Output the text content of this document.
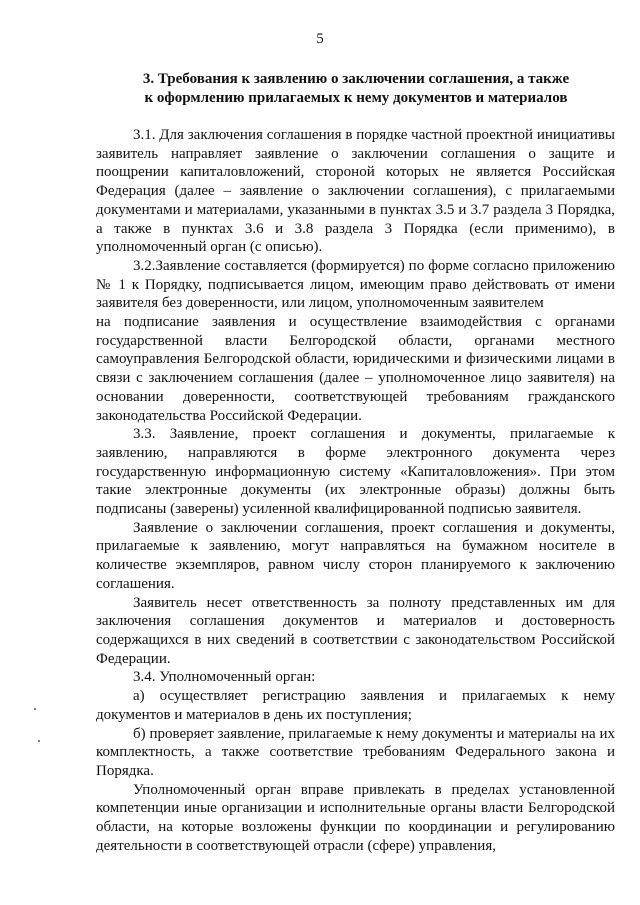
5
3. Требования к заявлению о заключении соглашения, а также
к оформлению прилагаемых к нему документов и материалов

3.1. Для заключения соглашения в порядке частной проектной инициативы заявитель направляет заявление о заключении соглашения о защите и поощрении капиталовложений, стороной которых не является Российская Федерация (далее – заявление о заключении соглашения), с прилагаемыми документами и материалами, указанными в пунктах 3.5 и 3.7 раздела 3 Порядка, а также в пунктах 3.6 и 3.8 раздела 3 Порядка (если применимо), в уполномоченный орган (с описью).

3.2.Заявление составляется (формируется) по форме согласно приложению № 1 к Порядку, подписывается лицом, имеющим право действовать от имени заявителя без доверенности, или лицом, уполномоченным заявителем

на подписание заявления и осуществление взаимодействия с органами государственной власти Белгородской области, органами местного самоуправления Белгородской области, юридическими и физическими лицами в связи с заключением соглашения (далее – уполномоченное лицо заявителя) на основании доверенности, соответствующей требованиям гражданского законодательства Российской Федерации.

3.3. Заявление, проект соглашения и документы, прилагаемые к заявлению, направляются в форме электронного документа через государственную информационную систему «Капиталовложения». При этом такие электронные документы (их электронные образы) должны быть подписаны (заверены) усиленной квалифицированной подписью заявителя.

Заявление о заключении соглашения, проект соглашения и документы, прилагаемые к заявлению, могут направляться на бумажном носителе в количестве экземпляров, равном числу сторон планируемого к заключению соглашения.

Заявитель несет ответственность за полноту представленных им для заключения соглашения документов и материалов и достоверность содержащихся в них сведений в соответствии с законодательством Российской Федерации.

3.4. Уполномоченный орган:

а) осуществляет регистрацию заявления и прилагаемых к нему документов и материалов в день их поступления;

б) проверяет заявление, прилагаемые к нему документы и материалы на их комплектность, а также соответствие требованиям Федерального закона и Порядка.

Уполномоченный орган вправе привлекать в пределах установленной компетенции иные организации и исполнительные органы власти Белгородской области, на которые возложены функции по координации и регулированию деятельности в соответствующей отрасли (сфере) управления,
